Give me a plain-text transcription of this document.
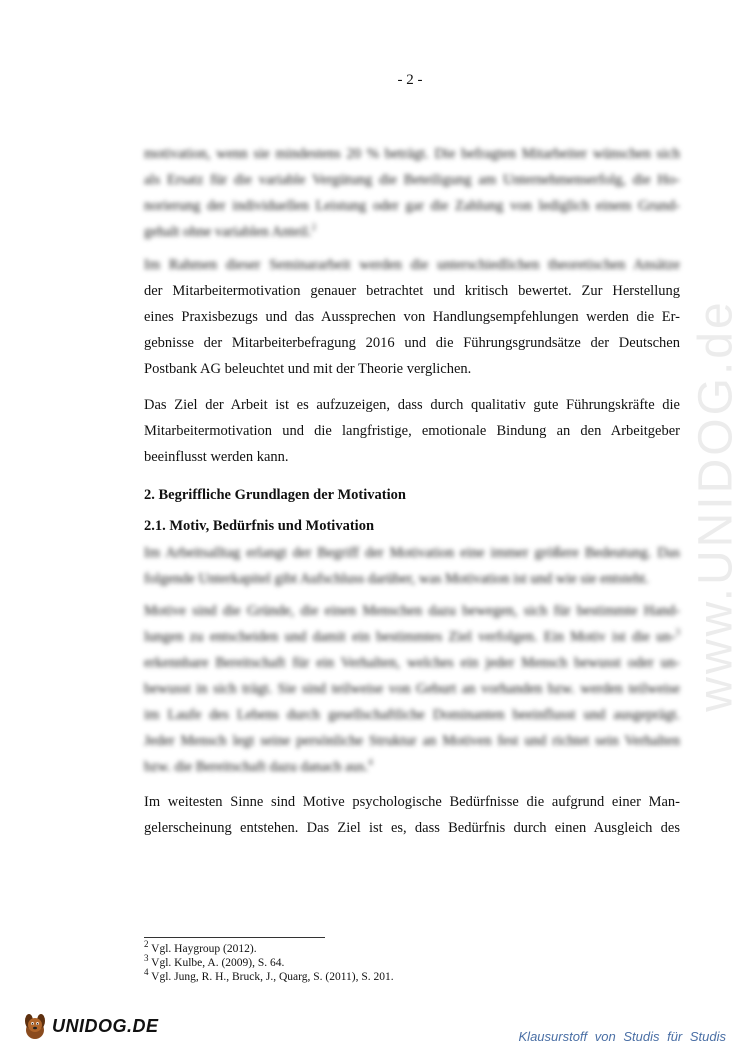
- 2 -
motivation, wenn sie mindestens 20 % beträgt. Die befragten Mitarbeiter wünschen sich
als Ersatz für die variable Vergütung die Beteiligung am Unternehmenserfolg, die Ho-
norierung der individuellen Leistung oder gar die Zahlung von lediglich einem Grund-
gehalt ohne variablen Anteil.$^2$
Im Rahmen dieser Seminararbeit werden die unterschiedlichen theoretischen Ansätze
der Mitarbeitermotivation genauer betrachtet und kritisch bewertet. Zur Herstellung
eines Praxisbezugs und das Aussprechen von Handlungsempfehlungen werden die Er-
gebnisse der Mitarbeiterbefragung 2016 und die Führungsgrundsätze der Deutschen
Postbank AG beleuchtet und mit der Theorie verglichen.
Das Ziel der Arbeit ist es aufzuzeigen, dass durch qualitativ gute Führungskräfte die
Mitarbeitermotivation und die langfristige, emotionale Bindung an den Arbeitgeber
beeinflusst werden kann.
2. Begriffliche Grundlagen der Motivation
2.1. Motiv, Bedürfnis und Motivation
Im Arbeitsalltag erlangt der Begriff der Motivation eine immer größere Bedeutung. Das
folgende Unterkapitel gibt Aufschluss darüber, was Motivation ist und wie sie entsteht.
Motive sind die Gründe, die einen Menschen dazu bewegen, sich für bestimmte Hand-
lungen zu entscheiden und damit ein bestimmtes Ziel verfolgen. Ein Motiv ist die un-$^3$
erkennbare Bereitschaft für ein Verhalten, welches ein jeder Mensch bewusst oder un-
bewusst in sich trägt. Sie sind teilweise von Geburt an vorhanden bzw. werden teilweise
im Laufe des Lebens durch gesellschaftliche Dominanten beeinflusst und ausgeprägt.
Jeder Mensch legt seine persönliche Struktur an Motiven fest und richtet sein Verhalten
bzw. die Bereitschaft dazu danach aus.$^4$
Im weitesten Sinne sind Motive psychologische Bedürfnisse die aufgrund einer Man-
gelerscheinung entstehen. Das Ziel ist es, dass Bedürfnis durch einen Ausgleich des
www.UNIDOG.de
$^2$ Vgl. Haygroup (2012).
$^3$ Vgl. Kulbe, A. (2009), S. 64.
$^4$ Vgl. Jung, R. H., Bruck, J., Quarg, S. (2011), S. 201.
UNIDOG.DE
Klausurstoff von Studis für Studis
